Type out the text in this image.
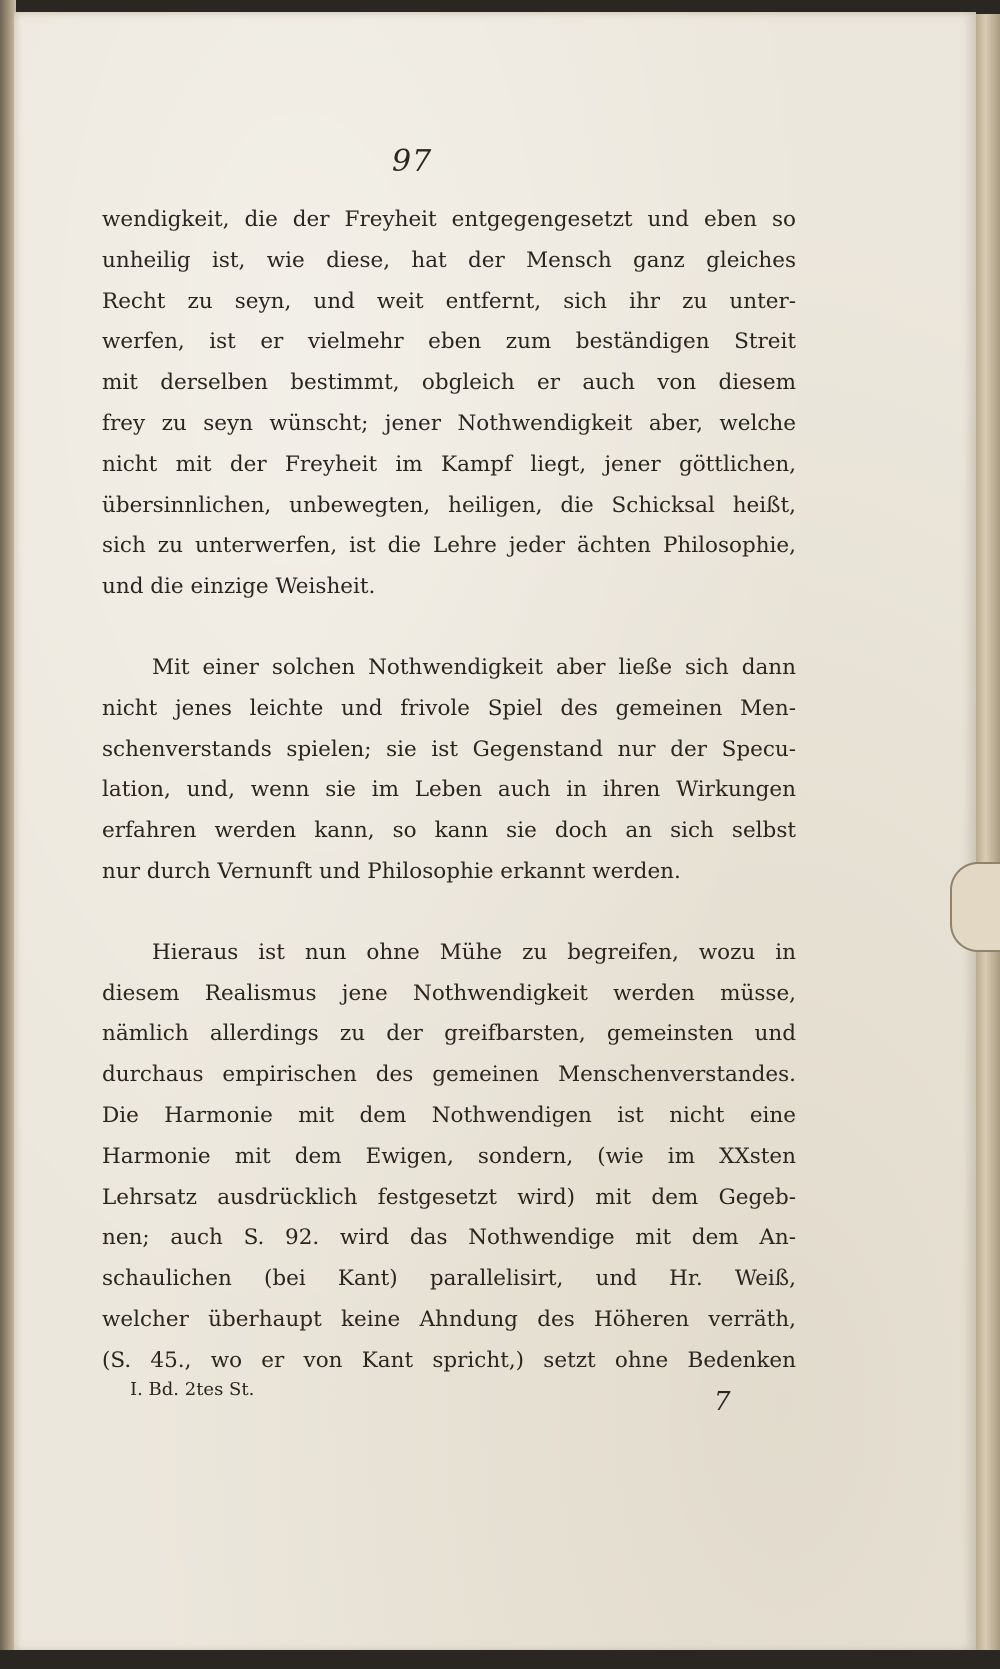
97
wendigkeit, die der Freyheit entgegengesetzt und eben so
unheilig ist, wie diese, hat der Mensch ganz gleiches
Recht zu seyn, und weit entfernt, sich ihr zu unter-
werfen, ist er vielmehr eben zum beständigen Streit
mit derselben bestimmt, obgleich er auch von diesem
frey zu seyn wünscht; jener Nothwendigkeit aber, welche
nicht mit der Freyheit im Kampf liegt, jener göttlichen,
übersinnlichen, unbewegten, heiligen, die Schicksal heißt,
sich zu unterwerfen, ist die Lehre jeder ächten Philosophie,
und die einzige Weisheit.
Mit einer solchen Nothwendigkeit aber ließe sich dann
nicht jenes leichte und frivole Spiel des gemeinen Men-
schenverstands spielen; sie ist Gegenstand nur der Specu-
lation, und, wenn sie im Leben auch in ihren Wirkungen
erfahren werden kann, so kann sie doch an sich selbst
nur durch Vernunft und Philosophie erkannt werden.
Hieraus ist nun ohne Mühe zu begreifen, wozu in
diesem Realismus jene Nothwendigkeit werden müsse,
nämlich allerdings zu der greifbarsten, gemeinsten und
durchaus empirischen des gemeinen Menschenverstandes.
Die Harmonie mit dem Nothwendigen ist nicht eine
Harmonie mit dem Ewigen, sondern, (wie im XXsten
Lehrsatz ausdrücklich festgesetzt wird) mit dem Gegeb-
nen; auch S. 92. wird das Nothwendige mit dem An-
schaulichen (bei Kant) parallelisirt, und Hr. Weiß,
welcher überhaupt keine Ahndung des Höheren verräth,
(S. 45., wo er von Kant spricht,) setzt ohne Bedenken
I. Bd. 2tes St.	7
